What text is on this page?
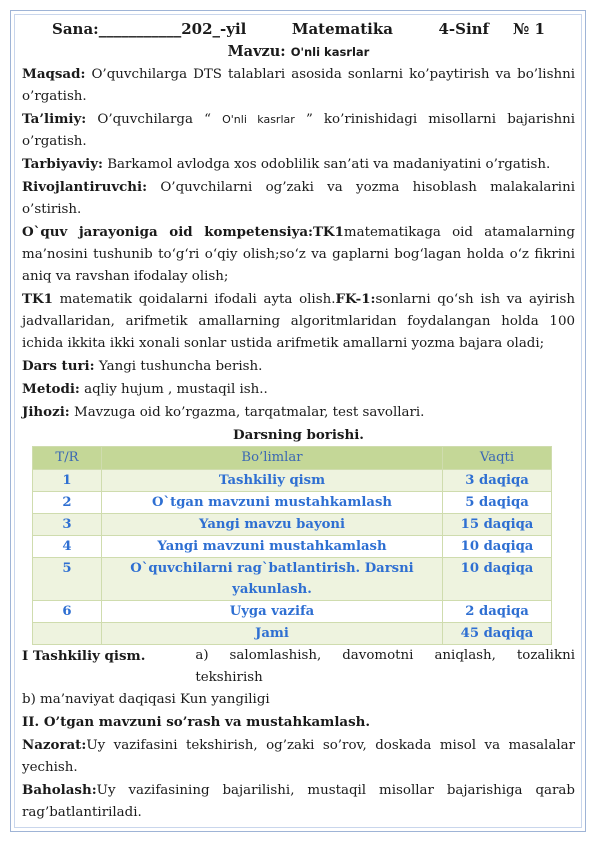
Sana:___________202_-yil	Matematika	4-Sinf № 1
Mavzu: O'nli kasrlar

Maqsad: O’quvchilarga DTS talablari asosida sonlarni ko’paytirish va bo’lishni o’rgatish.

Ta’limiy: O’quvchilarga “ O'nli kasrlar ” ko’rinishidagi misollarni bajarishni o’rgatish.

Tarbiyaviy: Barkamol avlodga xos odoblilik san’ati va madaniyatini o’rgatish.

Rivojlantiruvchi: O’quvchilarni og’zaki va yozma hisoblash malakalarini o’stirish.

O`quv jarayoniga oid kompetensiya:TK1matematikaga oid atamalarning ma’nosini tushunib to‘g‘ri o‘qiy olish;so‘z va gaplarni bog‘lagan holda o‘z fikrini aniq va ravshan ifodalay olish;

TK1 matematik qoidalarni ifodali ayta olish.FK-1:sonlarni qo‘sh ish va ayirish jadvallaridan, arifmetik amallarning algoritmlaridan foydalangan holda 100 ichida ikkita ikki xonali sonlar ustida arifmetik amallarni yozma bajara oladi;

Dars turi: Yangi tushuncha berish.

Metodi: aqliy hujum , mustaqil ish..

Jihozi: Mavzuga oid ko’rgazma, tarqatmalar, test savollari.

Darsning borishi.
T/R	Bo’limlar	Vaqti
1	Tashkiliy qism	3 daqiqa
2	O`tgan mavzuni mustahkamlash	5 daqiqa
3	Yangi mavzu bayoni	15 daqiqa
4	Yangi mavzuni mustahkamlash	10 daqiqa
5	O`quvchilarni rag`batlantirish. Darsni yakunlash.	10 daqiqa
6	Uyga vazifa	2 daqiqa
	Jami	45 daqiqa

I Tashkiliy qism.	a) salomlashish, davomotni aniqlash, tozalikni tekshirish

b) ma’naviyat daqiqasi Kun yangiligi

II. O’tgan mavzuni so’rash va mustahkamlash.

Nazorat:Uy vazifasini tekshirish, og’zaki so’rov, doskada misol va masalalar yechish.

Baholash:Uy vazifasining bajarilishi, mustaqil misollar bajarishiga qarab rag’batlantiriladi.
